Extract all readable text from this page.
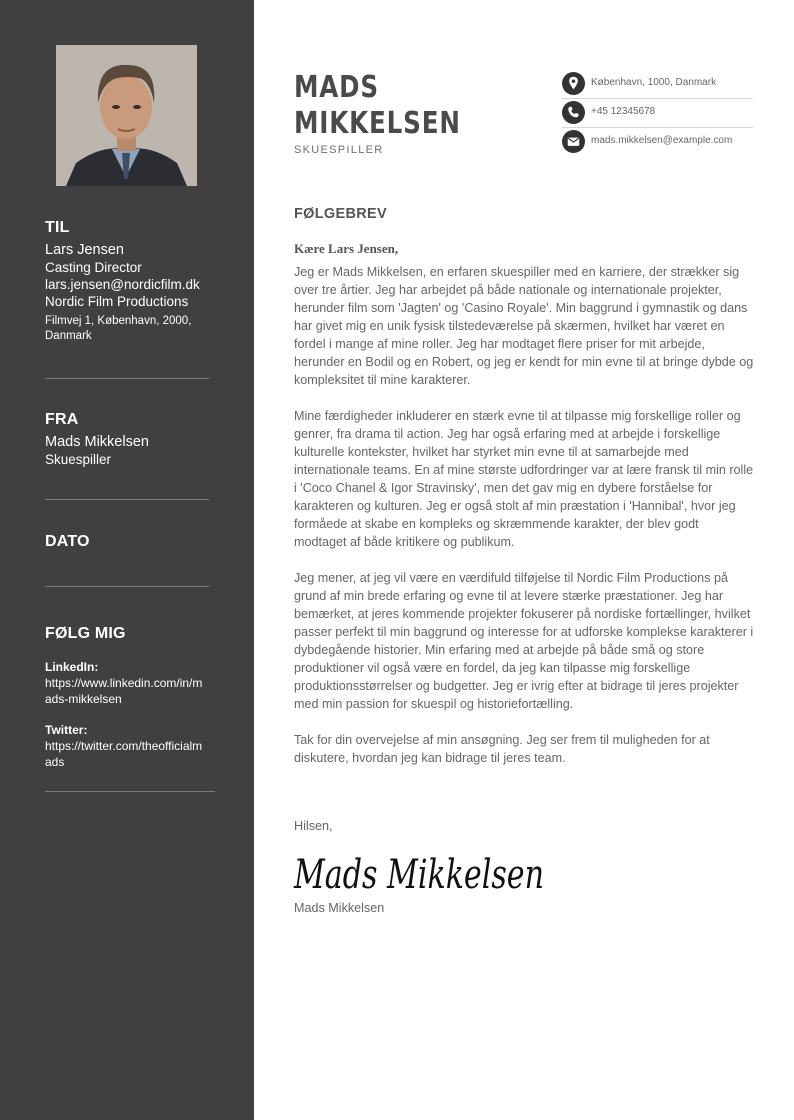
TIL
Lars Jensen
Casting Director
lars.jensen@nordicfilm.dk
Nordic Film Productions
Filmvej 1, København, 2000, Danmark
FRA
Mads Mikkelsen
Skuespiller
DATO
FØLG MIG
LinkedIn:
https://www.linkedin.com/in/mads-mikkelsen
Twitter:
https://twitter.com/theofficialmads
MADS
MIKKELSEN
SKUESPILLER
København, 1000, Danmark
+45 12345678
mads.mikkelsen@example.com
FØLGEBREV
Kære Lars Jensen,

Jeg er Mads Mikkelsen, en erfaren skuespiller med en karriere, der strækker sig over tre årtier. Jeg har arbejdet på både nationale og internationale projekter, herunder film som 'Jagten' og 'Casino Royale'. Min baggrund i gymnastik og dans har givet mig en unik fysisk tilstedeværelse på skærmen, hvilket har været en fordel i mange af mine roller. Jeg har modtaget flere priser for mit arbejde, herunder en Bodil og en Robert, og jeg er kendt for min evne til at bringe dybde og kompleksitet til mine karakterer.

Mine færdigheder inkluderer en stærk evne til at tilpasse mig forskellige roller og genrer, fra drama til action. Jeg har også erfaring med at arbejde i forskellige kulturelle kontekster, hvilket har styrket min evne til at samarbejde med internationale teams. En af mine største udfordringer var at lære fransk til min rolle i 'Coco Chanel & Igor Stravinsky', men det gav mig en dybere forståelse for karakteren og kulturen. Jeg er også stolt af min præstation i 'Hannibal', hvor jeg formåede at skabe en kompleks og skræmmende karakter, der blev godt modtaget af både kritikere og publikum.

Jeg mener, at jeg vil være en værdifuld tilføjelse til Nordic Film Productions på grund af min brede erfaring og evne til at levere stærke præstationer. Jeg har bemærket, at jeres kommende projekter fokuserer på nordiske fortællinger, hvilket passer perfekt til min baggrund og interesse for at udforske komplekse karakterer i dybdegående historier. Min erfaring med at arbejde på både små og store produktioner vil også være en fordel, da jeg kan tilpasse mig forskellige produktionsstørrelser og budgetter. Jeg er ivrig efter at bidrage til jeres projekter med min passion for skuespil og historiefortælling.

Tak for din overvejelse af min ansøgning. Jeg ser frem til muligheden for at diskutere, hvordan jeg kan bidrage til jeres team.

Hilsen,
Mads Mikkelsen
Mads Mikkelsen
